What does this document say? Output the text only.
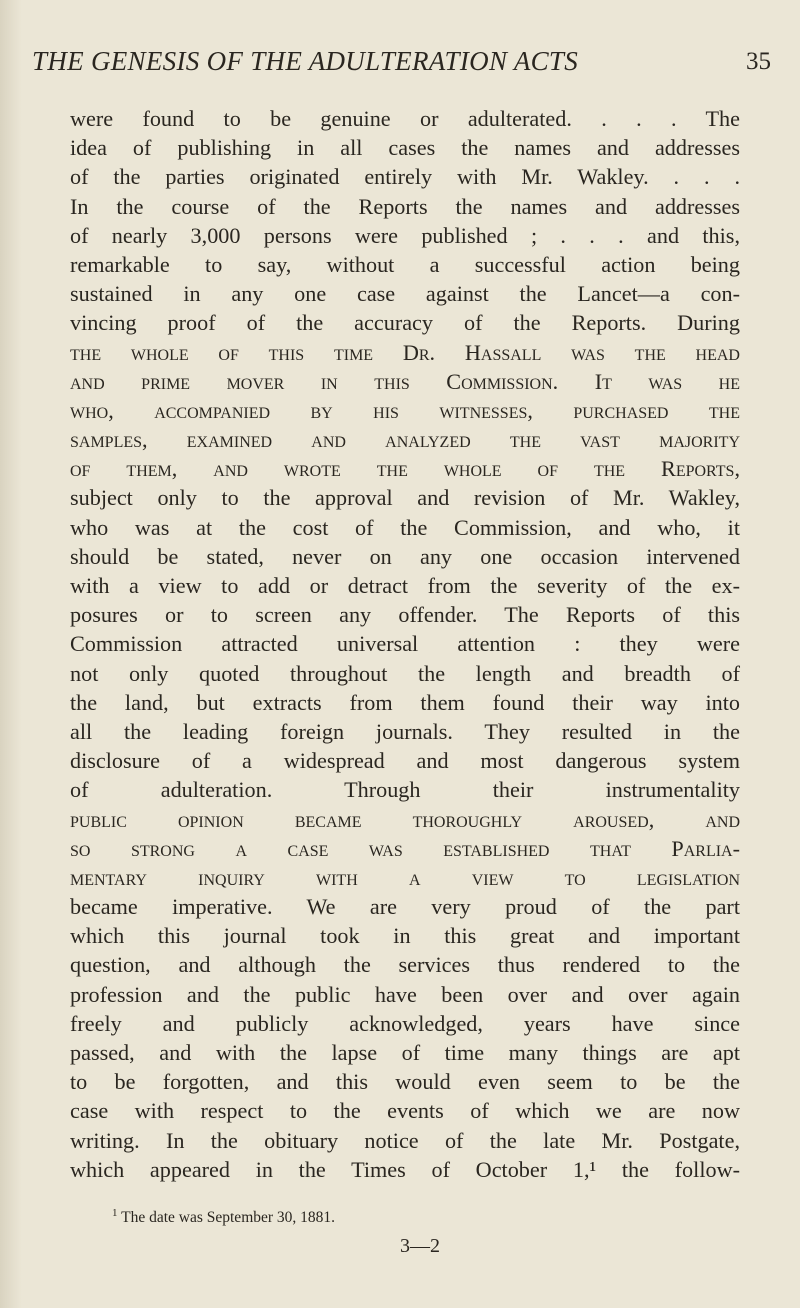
THE GENESIS OF THE ADULTERATION ACTS	35
were found to be genuine or adulterated. . . . The
idea of publishing in all cases the names and addresses
of the parties originated entirely with Mr. Wakley. . . .
In the course of the Reports the names and addresses
of nearly 3,000 persons were published ; . . . and this,
remarkable to say, without a successful action being
sustained in any one case against the Lancet—a con-
vincing proof of the accuracy of the Reports. During
the whole of this time Dr. Hassall was the head
and prime mover in this Commission. It was he
who, accompanied by his witnesses, purchased the
samples, examined and analyzed the vast majority
of them, and wrote the whole of the Reports,
subject only to the approval and revision of Mr. Wakley,
who was at the cost of the Commission, and who, it
should be stated, never on any one occasion intervened
with a view to add or detract from the severity of the ex-
posures or to screen any offender. The Reports of this
Commission attracted universal attention : they were
not only quoted throughout the length and breadth of
the land, but extracts from them found their way into
all the leading foreign journals. They resulted in the
disclosure of a widespread and most dangerous system
of adulteration. Through their instrumentality
public opinion became thoroughly aroused, and
so strong a case was established that Parlia-
mentary inquiry with a view to legislation
became imperative. We are very proud of the part
which this journal took in this great and important
question, and although the services thus rendered to the
profession and the public have been over and over again
freely and publicly acknowledged, years have since
passed, and with the lapse of time many things are apt
to be forgotten, and this would even seem to be the
case with respect to the events of which we are now
writing. In the obituary notice of the late Mr. Postgate,
which appeared in the Times of October 1,¹ the follow-
$^1$ The date was September 30, 1881.
3—2
